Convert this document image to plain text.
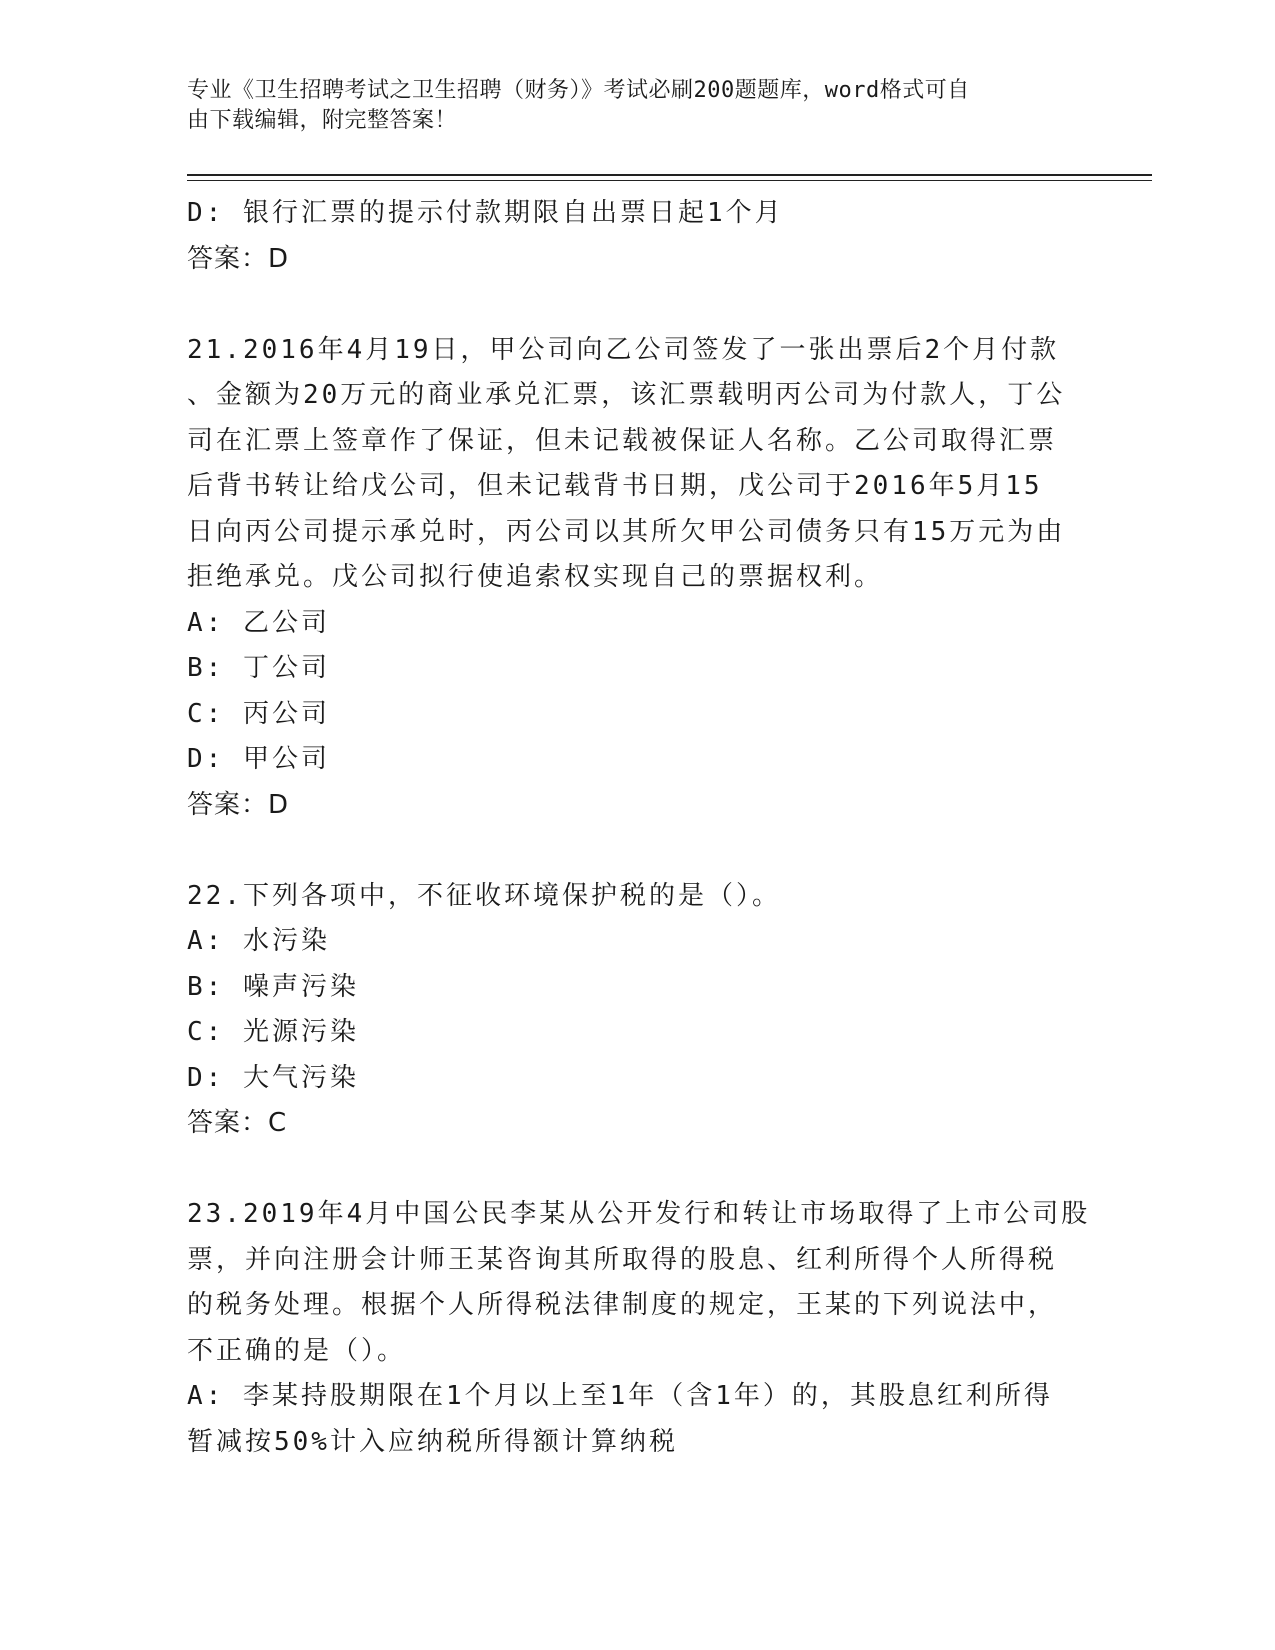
专业《卫生招聘考试之卫生招聘（财务）》考试必刷200题题库，word格式可自
由下载编辑，附完整答案！
D: 银行汇票的提示付款期限自出票日起1个月
答案：D
21.2016年4月19日，甲公司向乙公司签发了一张出票后2个月付款
、金额为20万元的商业承兑汇票，该汇票载明丙公司为付款人，丁公
司在汇票上签章作了保证，但未记载被保证人名称。乙公司取得汇票
后背书转让给戊公司，但未记载背书日期，戊公司于2016年5月15
日向丙公司提示承兑时，丙公司以其所欠甲公司债务只有15万元为由
拒绝承兑。戊公司拟行使追索权实现自己的票据权利。
A: 乙公司
B: 丁公司
C: 丙公司
D: 甲公司
答案：D
22.下列各项中，不征收环境保护税的是（）。
A: 水污染
B: 噪声污染
C: 光源污染
D: 大气污染
答案：C
23.2019年4月中国公民李某从公开发行和转让市场取得了上市公司股
票，并向注册会计师王某咨询其所取得的股息、红利所得个人所得税
的税务处理。根据个人所得税法律制度的规定，王某的下列说法中，
不正确的是（）。
A: 李某持股期限在1个月以上至1年（含1年）的，其股息红利所得
暂减按50%计入应纳税所得额计算纳税
